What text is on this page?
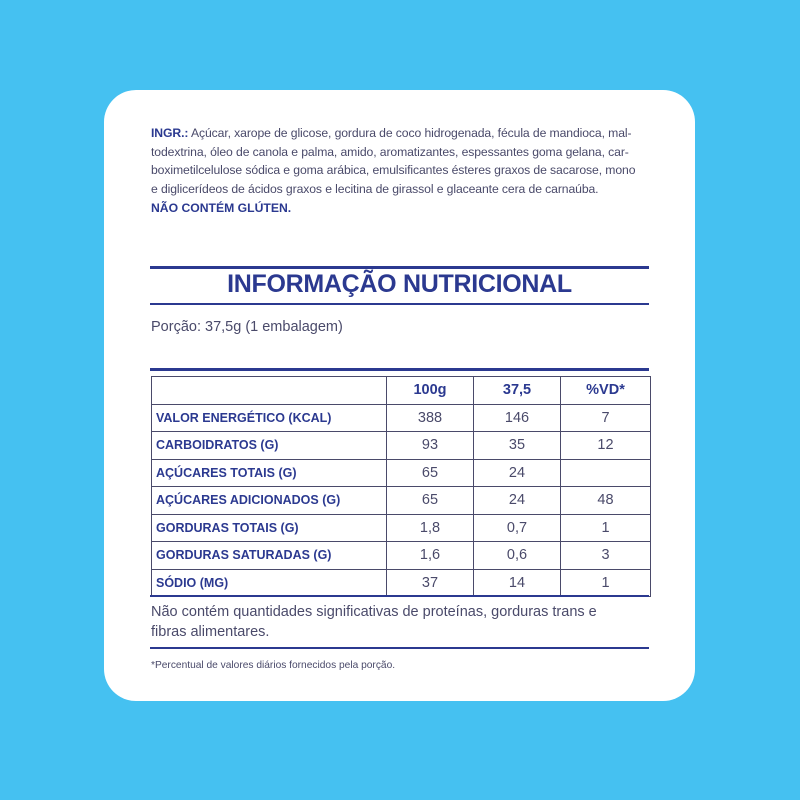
INGR.: Açúcar, xarope de glicose, gordura de coco hidrogenada, fécula de mandioca, mal-
todextrina, óleo de canola e palma, amido, aromatizantes, espessantes goma gelana, car-
boximetilcelulose sódica e goma arábica, emulsificantes ésteres graxos de sacarose, mono
e diglicerídeos de ácidos graxos e lecitina de girassol e glaceante cera de carnaúba.
NÃO CONTÉM GLÚTEN.
INFORMAÇÃO NUTRICIONAL
Porção: 37,5g (1 embalagem)
	100g	37,5	%VD*
VALOR ENERGÉTICO (KCAL)	388	146	7
CARBOIDRATOS (G)	93	35	12
AÇÚCARES TOTAIS (G)	65	24	
AÇÚCARES ADICIONADOS (G)	65	24	48
GORDURAS TOTAIS (G)	1,8	0,7	1
GORDURAS SATURADAS (G)	1,6	0,6	3
SÓDIO (MG)	37	14	1
Não contém quantidades significativas de proteínas, gorduras trans e
fibras alimentares.
*Percentual de valores diários fornecidos pela porção.
